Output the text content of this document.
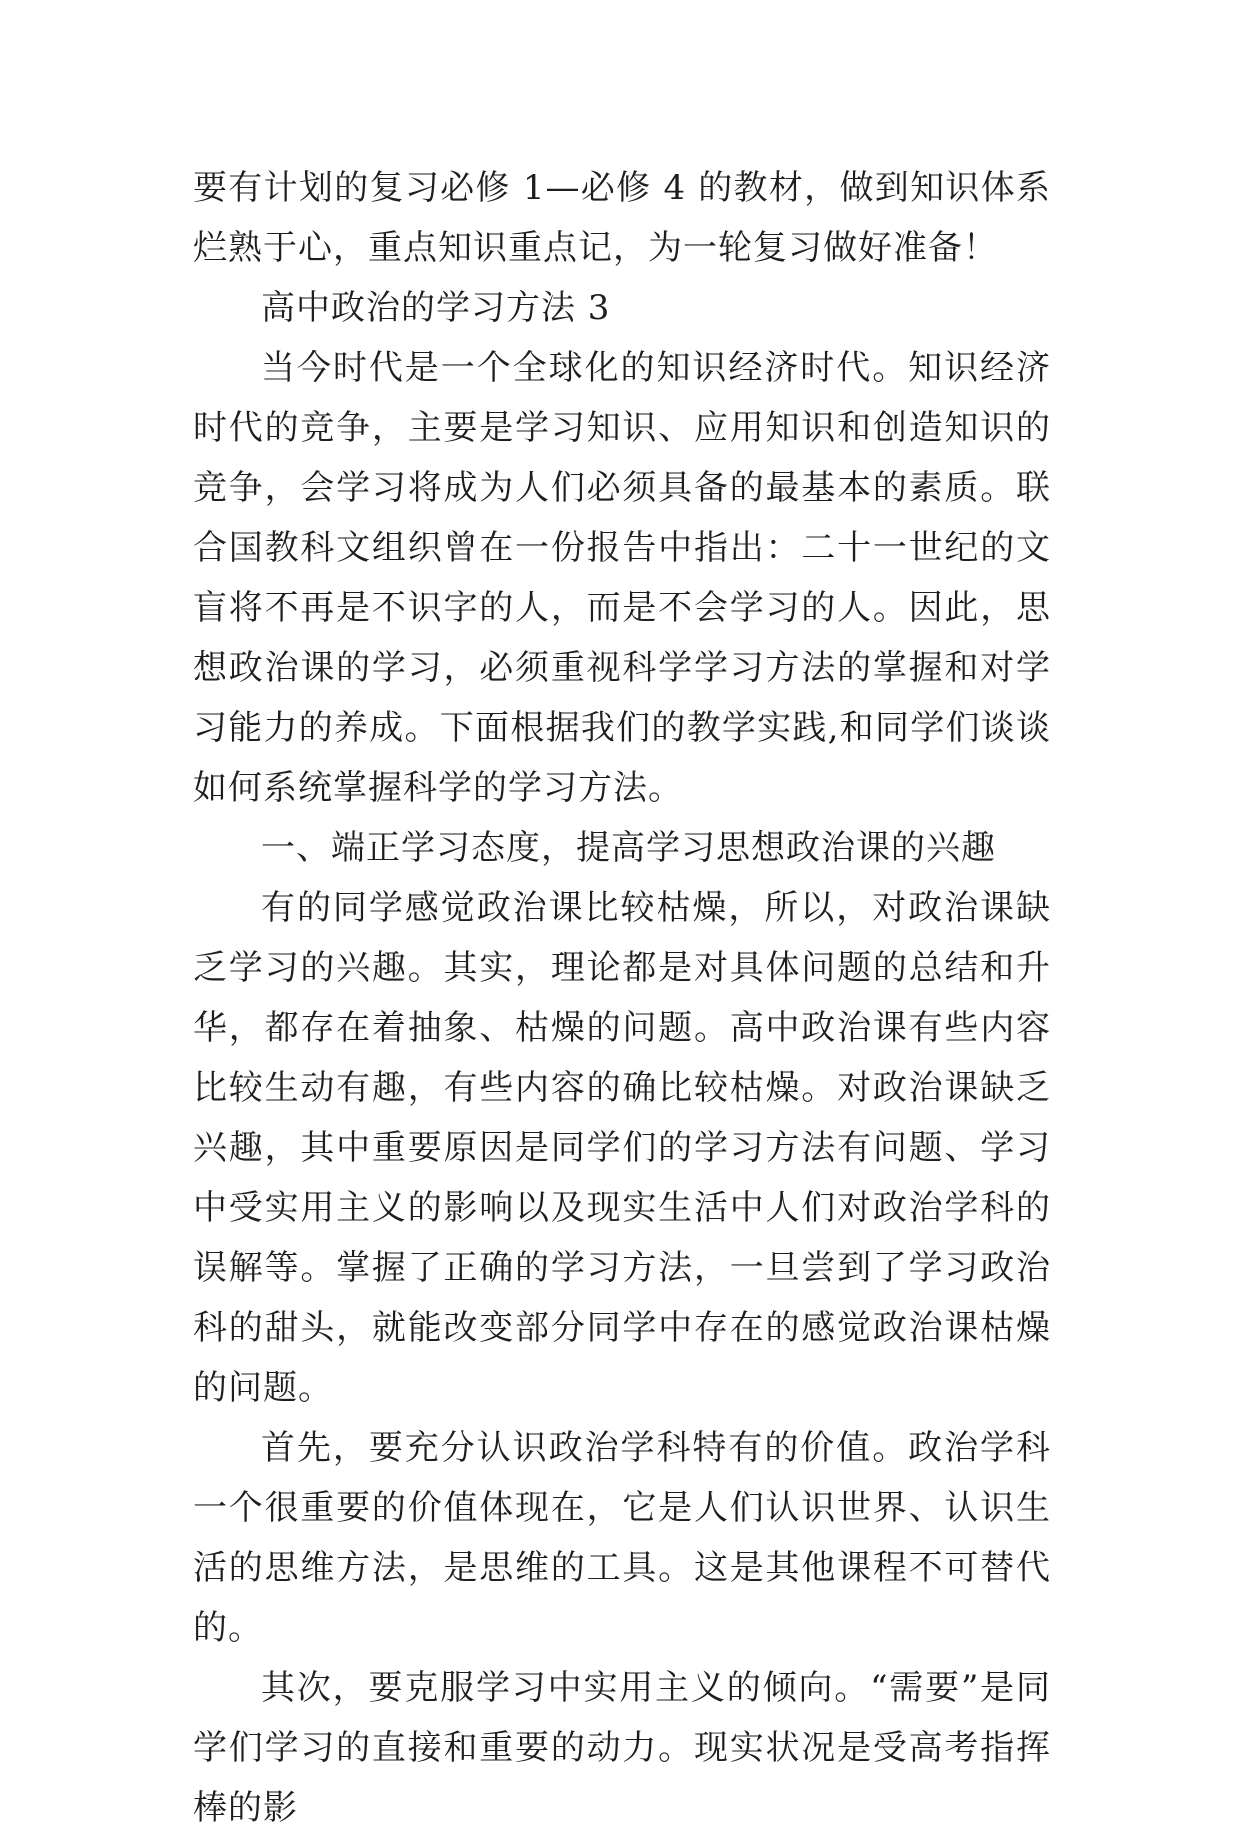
要有计划的复习必修 1—必修 4 的教材，做到知识体系烂熟于心，重点知识重点记，为一轮复习做好准备！

高中政治的学习方法 3

当今时代是一个全球化的知识经济时代。知识经济时代的竞争，主要是学习知识、应用知识和创造知识的竞争，会学习将成为人们必须具备的最基本的素质。联合国教科文组织曾在一份报告中指出：二十一世纪的文盲将不再是不识字的人，而是不会学习的人。因此，思想政治课的学习，必须重视科学学习方法的掌握和对学习能力的养成。下面根据我们的教学实践,和同学们谈谈如何系统掌握科学的学习方法。

一、端正学习态度，提高学习思想政治课的兴趣

有的同学感觉政治课比较枯燥，所以，对政治课缺乏学习的兴趣。其实，理论都是对具体问题的总结和升华，都存在着抽象、枯燥的问题。高中政治课有些内容比较生动有趣，有些内容的确比较枯燥。对政治课缺乏兴趣，其中重要原因是同学们的学习方法有问题、学习中受实用主义的影响以及现实生活中人们对政治学科的误解等。掌握了正确的学习方法，一旦尝到了学习政治科的甜头，就能改变部分同学中存在的感觉政治课枯燥的问题。

首先，要充分认识政治学科特有的价值。政治学科一个很重要的价值体现在，它是人们认识世界、认识生活的思维方法，是思维的工具。这是其他课程不可替代的。

其次，要克服学习中实用主义的倾向。“需要”是同学们学习的直接和重要的动力。现实状况是受高考指挥棒的影
